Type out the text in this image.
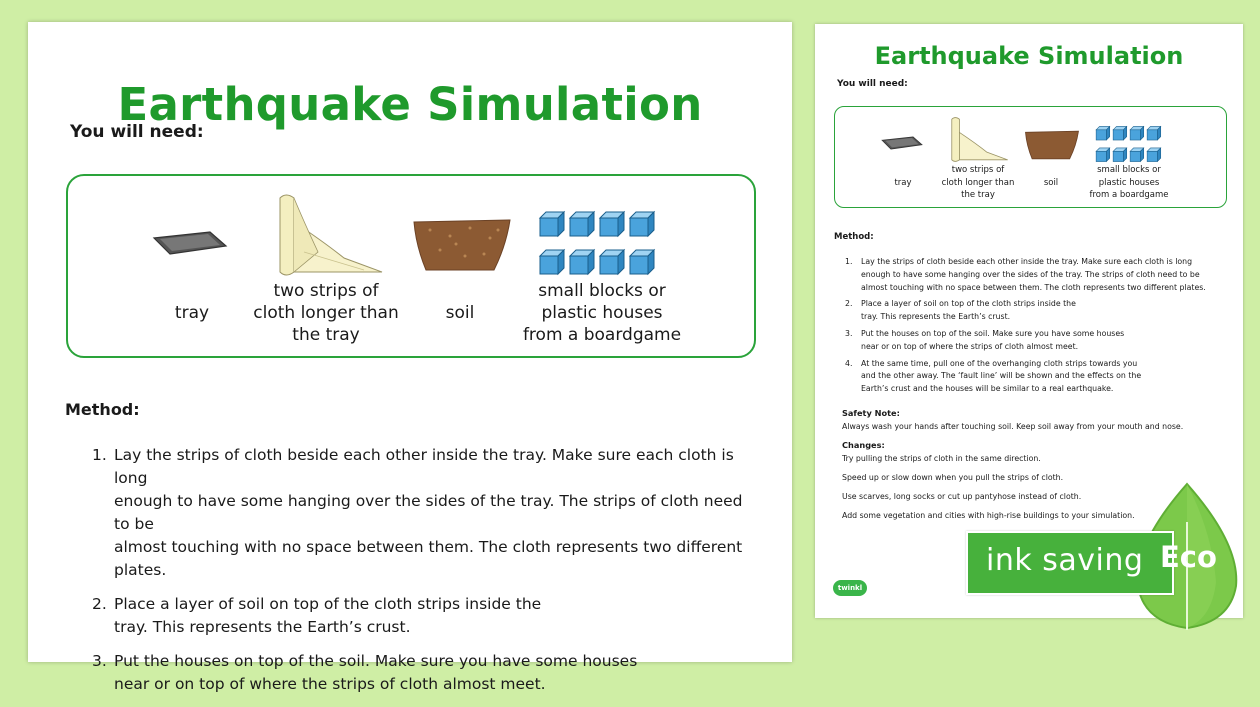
Earthquake Simulation
You will need:
tray
two strips of
cloth longer than
the tray
soil
small blocks or
plastic houses
from a boardgame
Method:
1. Lay the strips of cloth beside each other inside the tray. Make sure each cloth is long
enough to have some hanging over the sides of the tray. The strips of cloth need to be
almost touching with no space between them. The cloth represents two different plates.
2. Place a layer of soil on top of the cloth strips inside the
tray. This represents the Earth’s crust.
3. Put the houses on top of the soil. Make sure you have some houses
near or on top of where the strips of cloth almost meet.
Earthquake Simulation
You will need:
tray
two strips of
cloth longer than
the tray
soil
small blocks or
plastic houses
from a boardgame
Method:
1.	Lay the strips of cloth beside each other inside the tray. Make sure each cloth is long
enough to have some hanging over the sides of the tray. The strips of cloth need to be
almost touching with no space between them. The cloth represents two different plates.
2.	Place a layer of soil on top of the cloth strips inside the
tray. This represents the Earth’s crust.
3.	Put the houses on top of the soil. Make sure you have some houses
near or on top of where the strips of cloth almost meet.
4.	At the same time, pull one of the overhanging cloth strips towards you
and the other away. The ‘fault line’ will be shown and the effects on the
Earth’s crust and the houses will be similar to a real earthquake.
Safety Note:
Always wash your hands after touching soil. Keep soil away from your mouth and nose.
Changes:
Try pulling the strips of cloth in the same direction.
Speed up or slow down when you pull the strips of cloth.
Use scarves, long socks or cut up pantyhose instead of cloth.
Add some vegetation and cities with high-rise buildings to your simulation.
twinkl
ink saving Eco
